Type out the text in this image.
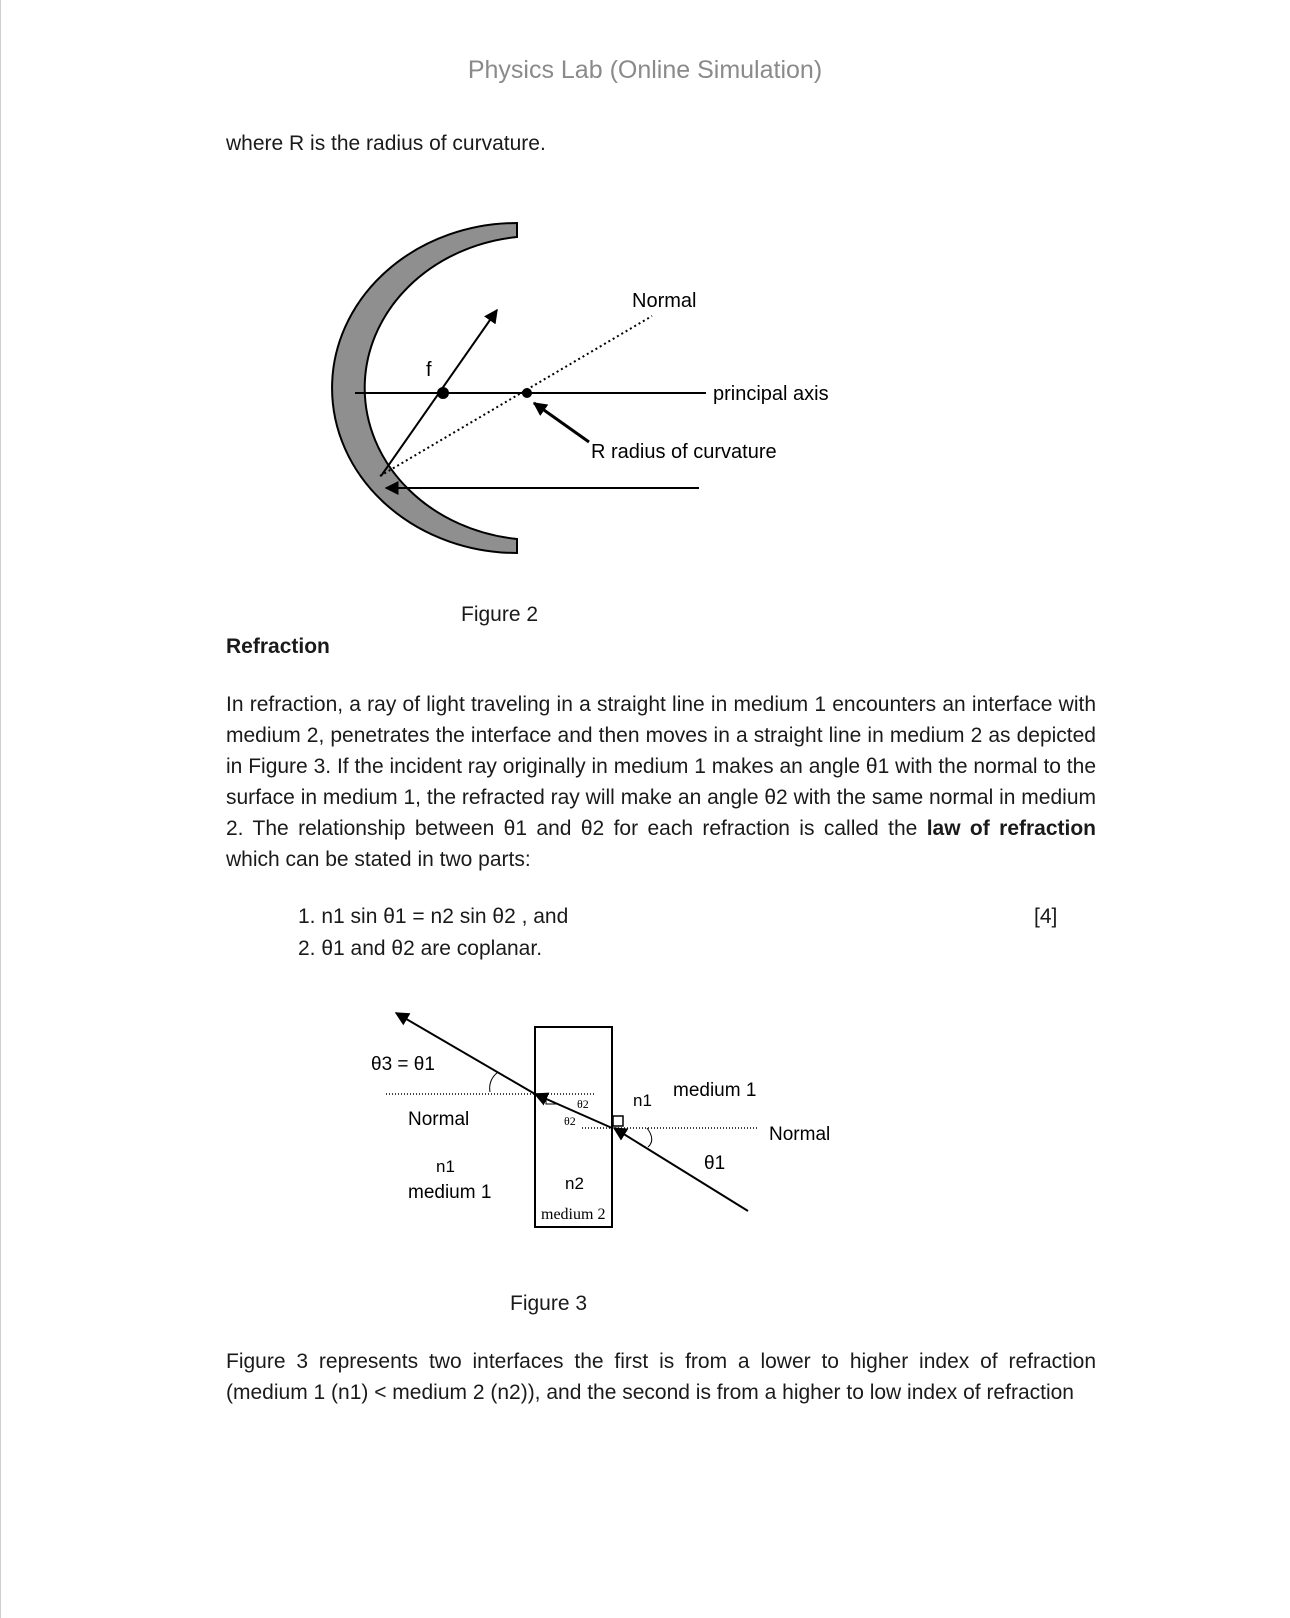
Physics Lab (Online Simulation)
where R is the radius of curvature.
Normal
f
principal axis
R radius of curvature
Figure 2
Refraction
In refraction, a ray of light traveling in a straight line in medium 1 encounters an interface with medium 2, penetrates the interface and then moves in a straight line in medium 2 as depicted in Figure 3. If the incident ray originally in medium 1 makes an angle θ1 with the normal to the surface in medium 1, the refracted ray will make an angle θ2 with the same normal in medium 2. The relationship between θ1 and θ2 for each refraction is called the law of refraction which can be stated in two parts:
1. n1 sin θ1 = n2 sin θ2 , and	[4]
2. θ1 and θ2 are coplanar.
θ3 = θ1
Normal
n1
medium 1
θ2
θ2
n2
medium 2
n1 medium 1
Normal
θ1
Figure 3
Figure 3 represents two interfaces the first is from a lower to higher index of refraction (medium 1 (n1) < medium 2 (n2)), and the second is from a higher to low index of refraction
